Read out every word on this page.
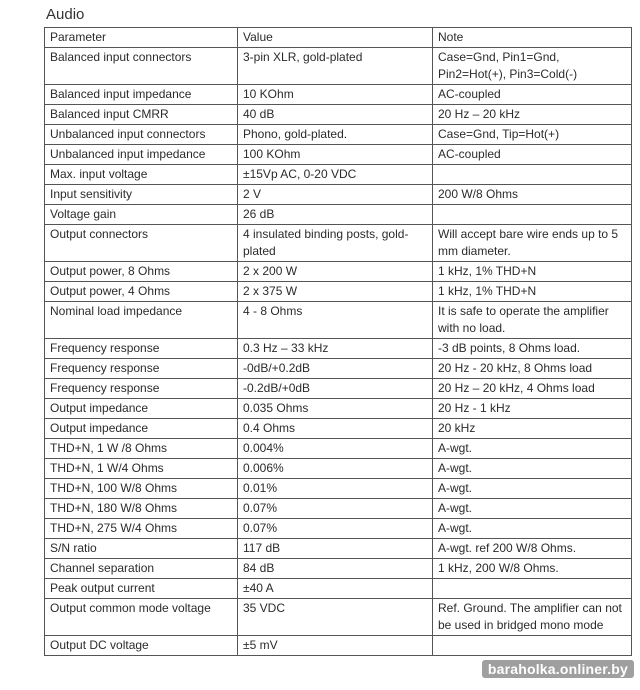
Audio
Parameter	Value	Note
Balanced input connectors	3-pin XLR, gold-plated	Case=Gnd, Pin1=Gnd, Pin2=Hot(+), Pin3=Cold(-)
Balanced input impedance	10 KOhm	AC-coupled
Balanced input CMRR	40 dB	20 Hz – 20 kHz
Unbalanced input connectors	Phono, gold-plated.	Case=Gnd, Tip=Hot(+)
Unbalanced input impedance	100 KOhm	AC-coupled
Max. input voltage	±15Vp AC, 0-20 VDC	
Input sensitivity	2 V	200 W/8 Ohms
Voltage gain	26 dB	
Output connectors	4 insulated binding posts, gold-plated	Will accept bare wire ends up to 5 mm diameter.
Output power, 8 Ohms	2 x 200 W	1 kHz, 1% THD+N
Output power, 4 Ohms	2 x 375 W	1 kHz, 1% THD+N
Nominal load impedance	4 - 8 Ohms	It is safe to operate the amplifier with no load.
Frequency response	0.3 Hz – 33 kHz	-3 dB points, 8 Ohms load.
Frequency response	-0dB/+0.2dB	20 Hz - 20 kHz, 8 Ohms load
Frequency response	-0.2dB/+0dB	20 Hz – 20 kHz, 4 Ohms load
Output impedance	0.035 Ohms	20 Hz - 1 kHz
Output impedance	0.4 Ohms	20 kHz
THD+N, 1 W /8 Ohms	0.004%	A-wgt.
THD+N, 1 W/4 Ohms	0.006%	A-wgt.
THD+N, 100 W/8 Ohms	0.01%	A-wgt.
THD+N, 180 W/8 Ohms	0.07%	A-wgt.
THD+N, 275 W/4 Ohms	0.07%	A-wgt.
S/N ratio	117 dB	A-wgt. ref 200 W/8 Ohms.
Channel separation	84 dB	1 kHz, 200 W/8 Ohms.
Peak output current	±40 A	
Output common mode voltage	35 VDC	Ref. Ground. The amplifier can not be used in bridged mono mode
Output DC voltage	±5 mV	
baraholka.onliner.by
